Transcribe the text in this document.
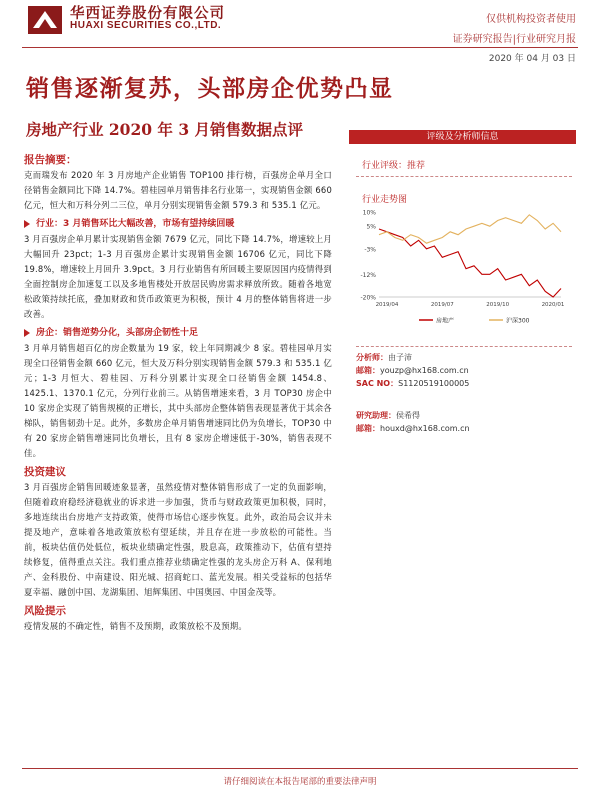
华西证券股份有限公司
HUAXI SECURITIES CO.,LTD.
仅供机构投资者使用
证券研究报告|行业研究月报
2020 年 04 月 03 日
销售逐渐复苏，头部房企优势凸显
房地产行业 2020 年 3 月销售数据点评
报告摘要：
克而瑞发布 2020 年 3 月房地产企业销售 TOP100 排行榜，百强房企单月全口径销售金额同比下降 14.7%。碧桂园单月销售排名行业第一，实现销售金额 660 亿元，恒大和万科分列二三位，单月分别实现销售金额 579.3 和 535.1 亿元。
行业：3 月销售环比大幅改善，市场有望持续回暖
3 月百强房企单月累计实现销售金额 7679 亿元，同比下降 14.7%，增速较上月大幅回升 23pct；1-3 月百强房企累计实现销售金额 16706 亿元，同比下降 19.8%，增速较上月回升 3.9pct。3 月行业销售有所回暖主要原因国内疫情得到全面控制房企加速复工以及多地售楼处开放居民购房需求释放所致。随着各地宽松政策持续托底，叠加财政和货币政策更为积极，预计 4 月的整体销售将进一步改善。
房企：销售逆势分化，头部房企韧性十足
3 月单月销售超百亿的房企数量为 19 家，较上年同期减少 8 家。碧桂园单月实现全口径销售金额 660 亿元，恒大及万科分别实现销售金额 579.3 和 535.1 亿元；1-3 月恒大、碧桂园、万科分别累计实现全口径销售金额 1454.8、1425.1、1370.1 亿元，分列行业前三。从销售增速来看，3 月 TOP30 房企中 10 家房企实现了销售规模的正增长，其中头部房企整体销售表现显著优于其余各梯队，销售韧劲十足。此外，多数房企单月销售增速同比仍为负增长，TOP30 中有 20 家房企销售增速同比负增长，且有 8 家房企增速低于-30%，销售表现不佳。
投资建议
3 月百强房企销售回暖迹象显著，虽然疫情对整体销售形成了一定的负面影响，但随着政府稳经济稳就业的诉求进一步加强，货币与财政政策更加积极，同时，多地连续出台房地产支持政策，使得市场信心逐步恢复。此外，政治局会议并未提及地产，意味着各地政策放松有望延续，并且存在进一步放松的可能性。当前，板块估值仍处低位，板块业绩确定性强，股息高，政策推动下，估值有望持续修复，值得重点关注。我们重点推荐业绩确定性强的龙头房企万科 A、保利地产、金科股份、中南建设、阳光城、招商蛇口、蓝光发展。相关受益标的包括华夏幸福、融创中国、龙湖集团、旭辉集团、中国奥园、中国金茂等。
风险提示
疫情发展的不确定性，销售不及预期，政策放松不及预期。
评级及分析师信息
行业评级：推荐
行业走势图
10%
5%
-3%
-12%
-20%
2019/04	2019/07	2019/10	2020/01
房地产	沪深300
分析师：由子沛
邮箱：youzp@hx168.com.cn
SAC NO：S1120519100005
研究助理：侯希得
邮箱：houxd@hx168.com.cn
请仔细阅读在本报告尾部的重要法律声明
